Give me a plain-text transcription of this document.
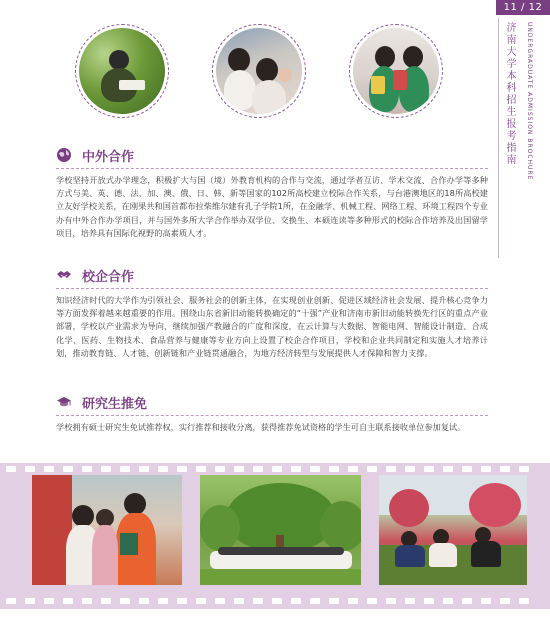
11 / 12
济南大学本科招生报考指南	UNDERGRADUATE ADMISSION BROCHURE
中外合作

学校坚持开放式办学理念，积极扩大与国（境）外教育机构的合作与交流，通过学者互访、学术交流、合作办学等多种方式与美、英、德、法、加、澳、俄、日、韩、新等国家的102所高校建立校际合作关系，与台港澳地区的18所高校建立友好学校关系，在刚果共和国首都布拉柴维尔建有孔子学院1所，在金融学、机械工程、网络工程、环境工程四个专业办有中外合作办学项目，并与国外多所大学合作举办双学位、交换生、本硕连读等多种形式的校际合作培养及出国留学项目，培养具有国际化视野的高素质人才。

校企合作

知识经济时代的大学作为引领社会、服务社会的创新主体，在实现创业创新、促进区域经济社会发展、提升核心竞争力等方面发挥着越来越重要的作用。围绕山东省新旧动能转换确定的“十强”产业和济南市新旧动能转换先行区的重点产业部署，学校以产业需求为导向，继续加强产教融合的广度和深度，在云计算与大数据、智能电网、智能设计制造、合成化学、医药、生物技术、食品营养与健康等专业方向上设置了校企合作项目，学校和企业共同制定和实施人才培养计划，推动教育链、人才链、创新链和产业链贯通融合，为地方经济转型与发展提供人才保障和智力支撑。

研究生推免

学校拥有硕士研究生免试推荐权，实行推荐和接收分离，获得推荐免试资格的学生可自主联系接收单位参加复试。
